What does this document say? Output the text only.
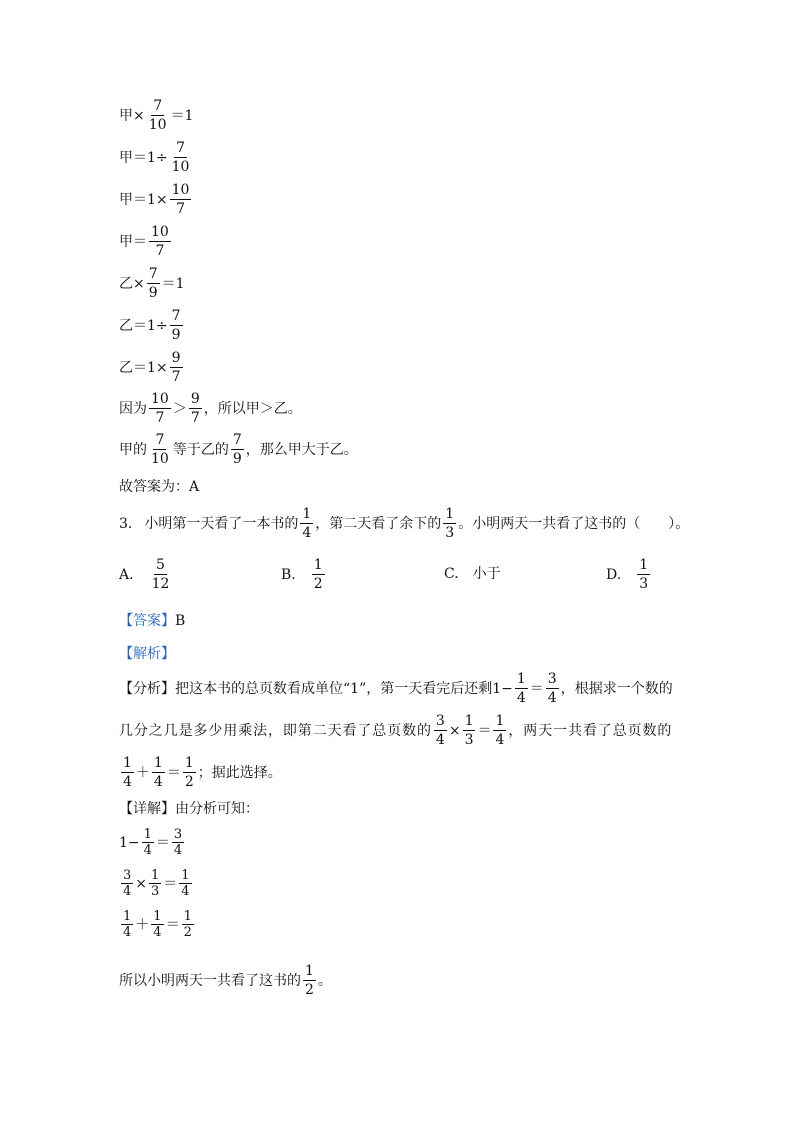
甲× $\frac{7}{10} =1$
甲$=1\div \frac{7}{10}$
甲$=1\times \frac{10}{7}$
甲＝ $\frac{10}{7}$
乙× $\frac{7}{9} =1$
乙$=1\div \frac{7}{9}$
乙$=1\times \frac{9}{7}$
因为 $\frac{10}{7} > \frac{9}{7}$ ，所以甲＞乙。
甲的 $\frac{7}{10}$ 等于乙的 $\frac{7}{9}$ ，那么甲大于乙。
故答案为：A
3. 小明第一天看了一本书的 $\frac{1}{4}$ ，第二天看了余下的 $\frac{1}{3}$ 。小明两天一共看了这书的（　　）。
A. $\frac{5}{12}$	B. $\frac{1}{2}$	C. 小于	D. $\frac{1}{3}$
【答案】 B
【解析】
【分析】 把这本书的总页数看成单位“1”，第一天看完后还剩$1- \frac{1}{4} = \frac{3}{4}$ ，根据求一个数的
几分之几是多少用乘法，即第二天看了总页数的 $\frac{3}{4} \times \frac{1}{3} = \frac{1}{4}$ ，两天一共看了总页数的
$\frac{1}{4} + \frac{1}{4} = \frac{1}{2}$ ；据此选择。
【详解】 由分析可知：
$1- \frac{1}{4} = \frac{3}{4}$
$\frac{3}{4} \times \frac{1}{3} = \frac{1}{4}$
$\frac{1}{4} + \frac{1}{4} = \frac{1}{2}$
所以小明两天一共看了这书的 $\frac{1}{2}$ 。
